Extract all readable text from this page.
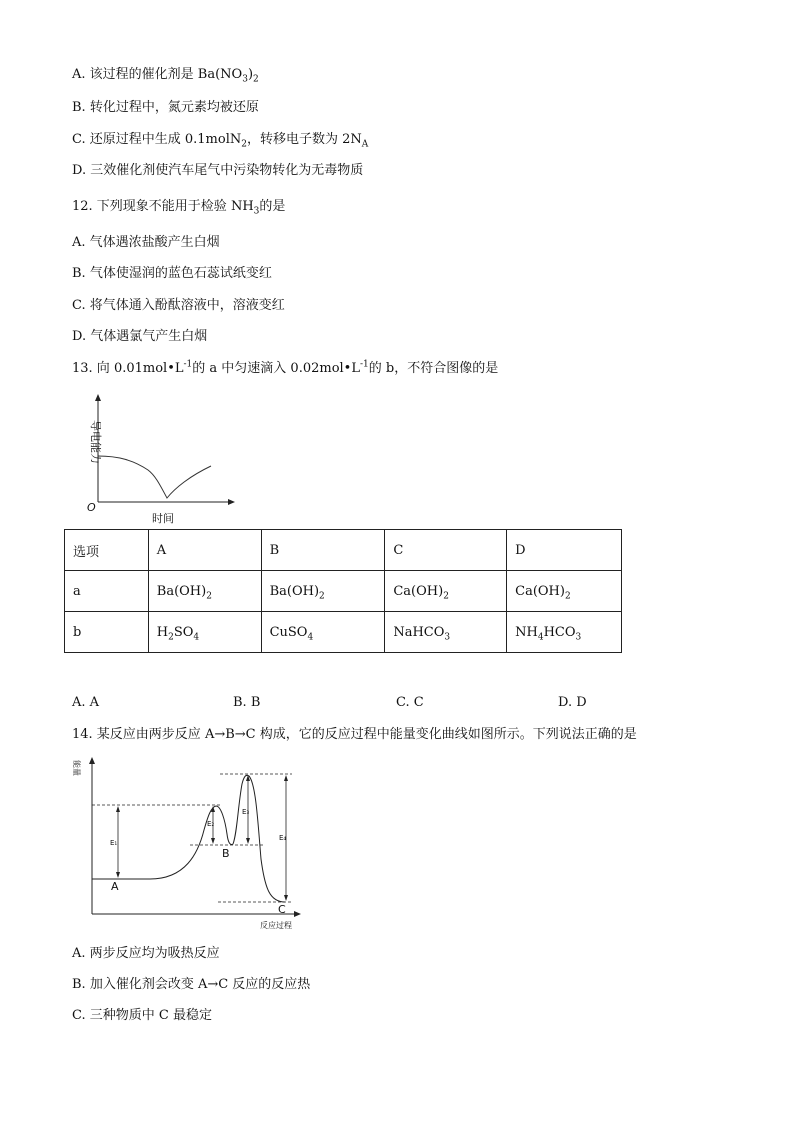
A. 该过程的催化剂是 $Ba(NO_3)_2$
B. 转化过程中，氮元素均被还原
C. 还原过程中生成 0.1molN$_2$，转移电子数为 $2N_A$
D. 三效催化剂使汽车尾气中污染物转化为无毒物质
12. 下列现象不能用于检验 $NH_3$的是
A. 气体遇浓盐酸产生白烟
B. 气体使湿润的蓝色石蕊试纸变红
C. 将气体通入酚酞溶液中，溶液变红
D. 气体遇氯气产生白烟
13. 向 $0.01mol•L^{-1}$的 a 中匀速滴入 $0.02mol•L^{-1}$的 b，不符合图像的是
导电能力
时间
O
选项	A	B	C	D
a	$Ba(OH)_2$	$Ba(OH)_2$	$Ca(OH)_2$	$Ca(OH)_2$
b	$H_2SO_4$	CuSO$_4$	NaHCO$_3$	$NH_4HCO_3$
A. A	B. B	C. C	D. D
14. 某反应由两步反应 A→B→C 构成，它的反应过程中能量变化曲线如图所示。下列说法正确的是
能量
反应过程
E₁
E₂
E₃
E₄
A
B
C
A. 两步反应均为吸热反应
B. 加入催化剂会改变 A→C 反应的反应热
C. 三种物质中 C 最稳定
